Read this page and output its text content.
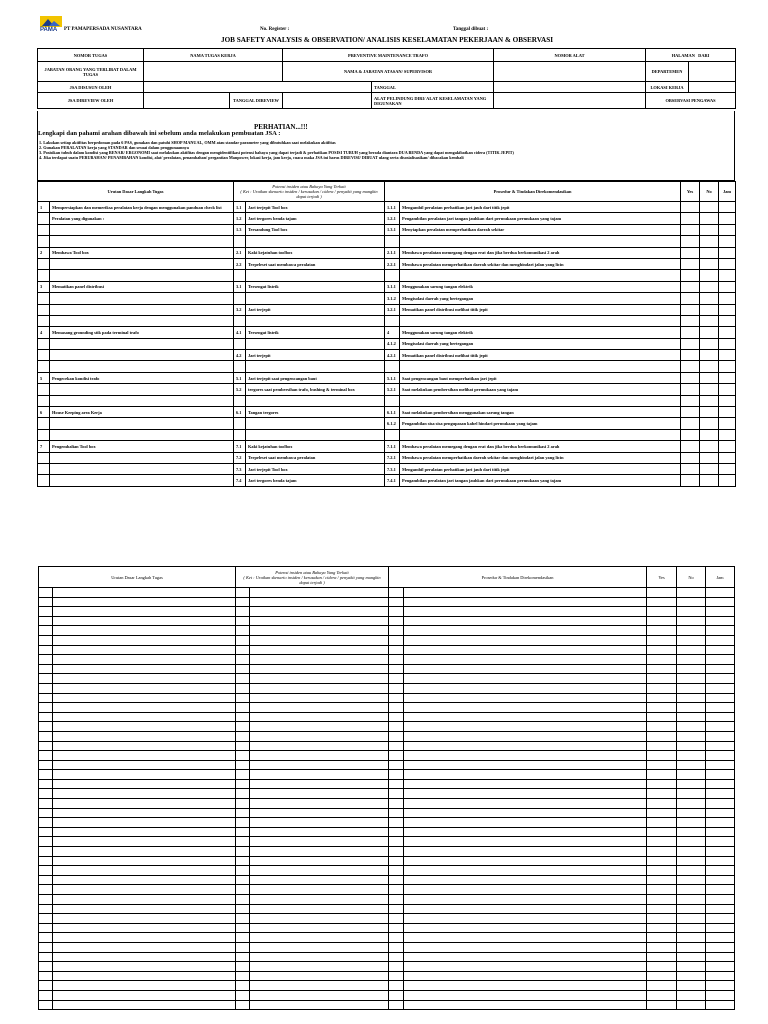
PAMA PT PAMAPERSADA NUSANTARA	No. Register :	Tanggal dibuat :
JOB SAFETY ANALYSIS & OBSERVATION/ ANALISIS KESELAMATAN PEKERJAAN & OBSERVASI
NOMOR TUGAS	NAMA TUGAS KERJA		PREVENTIVE MAINTENANCE TRAFO		NOMOR ALAT	HALAMAN DARI	
JABATAN ORANG YANG TERLIBAT DALAM TUGAS			NAMA & JABATAN ATASAN/ SUPERVISOR			DEPARTEMEN	
JSA DISUSUN OLEH				TANGGAL		LOKASI KERJA	
JSA DIREVIEW OLEH		TANGGAL DIREVIEW		ALAT PELINDUNG DIRI/ ALAT KESELAMATAN YANG DIGUNAKAN		OBSERVASI PENGAWAS	
PERHATIAN...!!!
Lengkapi dan pahami arahan dibawah ini sebelum anda melakukan pembuatan JSA :
1. Lakukan setiap aktifitas berpedoman pada 6 PAS, gunakan dan patuhi SHOP MANUAL, OMM atau standar parameter yang dibutuhkan saat melakukan aktifitas
2. Gunakan PERALATAN kerja yang STANDAR dan sesuai dalam penggunaannya
3. Posisikan tubuh dalam kondisi yang BENAR/ ERGONOMI saat melakukan aktifitas dengan mengidentifikasi potensi bahaya yang dapat terjadi & perhatikan POSISI TUBUH yang berada diantara DUA BENDA yang dapat mengakibatkan cidera (TITIK JEPIT)
4. Jika terdapat suatu PERUBAHAN/ PENAMBAHAN kondisi, alat/ peralatan, penambahan/ pergantian Manpower, lokasi kerja, jam kerja, cuaca maka JSA ini harus DIREVISI/ DIBUAT ulang serta disosialisasikan/ dibacakan kembali
Urutan Dasar Langkah Tugas		Potensi insiden atau Bahaya Yang Terkait
( Ket : Uraikan skenario insiden / kerusakan / cidera / penyakit yang mungkin dapat terjadi )		Prosedur & Tindakan Direkomendasikan		Yes	No	Jam
1	Mempersiapkan dan memeriksa peralatan kerja dengan menggunakan panduan check list	1.1	Jari terjepit Tool box	1.1.1	Mengambil peralatan perhatikan jari jauh dari titik jepit			
	Peralatan yang digunakan :	1.2	Jari tergores benda tajam	1.2.1	Pengambilan peralatan jari tangan jauhkan dari permukaan permukaan yang tajam			
		1.3	Tersandung Tool box	1.3.1	Menyiapkan peralatan memperhatikan daerah sekitar			

2	Membawa Tool box	2.1	Kaki kejatuhan toolbox	2.1.1	Membawa peralatan memegang dengan erat dan jika berdua berkomunikasi 2 arah			
		2.2	Terpeleset saat membawa peralatan	2.2.1	Membawa peralatan memperhatikan daerah sekitar dan menghindari jalan yang licin			

3	Mematikan panel distribusi	3.1	Tersengat listrik	3.1.1	Menggunakan sarung tangan elektrik			
				3.1.2	Mengisolasi daerah yang bertegangan			
		3.2	Jari terjepit	3.2.1	Mematikan panel distribusi melihat titik jepit			

4	Memasang grounding stik pada terminal trafo	4.1	Tersengat listrik	4	Menggunakan sarung tangan elektrik			
				4.1.2	Mengisolasi daerah yang bertegangan			
		4.2	Jari terjepit	4.2.1	Mematikan panel distribusi melihat titik jepit			

5	Pengecekan kondisi trafo	5.1	Jari terjepit saat pengencangan baut	5.1.1	Saat pengencangan baut memperhatikan jari jepit			
		5.2	tergores saat pembersihan trafo, bushing & terminal box	5.2.1	Saat melakukan pembersihan melihat permukaan yang tajam			

6	House Keeping area Kerja	6.1	Tangan tergores	6.1.1	Saat melakukan pembersihan menggunakan sarung tangan			
				6.1.2	Pengambilan sisa sisa pengupasan kabel hindari permukaan yang tajam			

7	Pengembalian Tool box	7.1	Kaki kejatuhan toolbox	7.1.1	Membawa peralatan memegang dengan erat dan jika berdua berkomunikasi 2 arah			
		7.2	Terpeleset saat membawa peralatan	7.2.1	Membawa peralatan memperhatikan daerah sekitar dan menghindari jalan yang licin			
		7.3	Jari terjepit Tool box	7.3.1	Mengambil peralatan perhatikan jari jauh dari titik jepit			
		7.4	Jari tergores benda tajam	7.4.1	Pengambilan peralatan jari tangan jauhkan dari permukaan permukaan yang tajam			
Urutan Dasar Langkah Tugas		Potensi insiden atau Bahaya Yang Terkait
( Ket : Uraikan skenario insiden / kerusakan / cidera / penyakit yang mungkin dapat terjadi )		Prosedur & Tindakan Direkomendasikan		Yes	No	Jam
